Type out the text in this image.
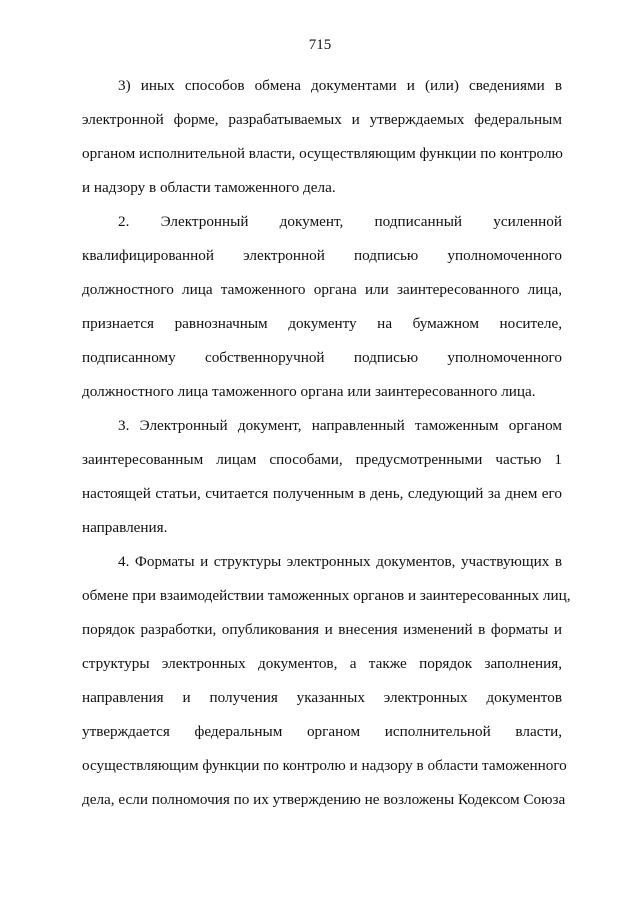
715
3) иных способов обмена документами и (или) сведениями в
электронной форме, разрабатываемых и утверждаемых федеральным
органом исполнительной власти, осуществляющим функции по контролю
и надзору в области таможенного дела.
2. Электронный документ, подписанный усиленной
квалифицированной электронной подписью уполномоченного
должностного лица таможенного органа или заинтересованного лица,
признается равнозначным документу на бумажном носителе,
подписанному собственноручной подписью уполномоченного
должностного лица таможенного органа или заинтересованного лица.
3. Электронный документ, направленный таможенным органом
заинтересованным лицам способами, предусмотренными частью 1
настоящей статьи, считается полученным в день, следующий за днем его
направления.
4. Форматы и структуры электронных документов, участвующих в
обмене при взаимодействии таможенных органов и заинтересованных лиц,
порядок разработки, опубликования и внесения изменений в форматы и
структуры электронных документов, а также порядок заполнения,
направления и получения указанных электронных документов
утверждается федеральным органом исполнительной власти,
осуществляющим функции по контролю и надзору в области таможенного
дела, если полномочия по их утверждению не возложены Кодексом Союза
